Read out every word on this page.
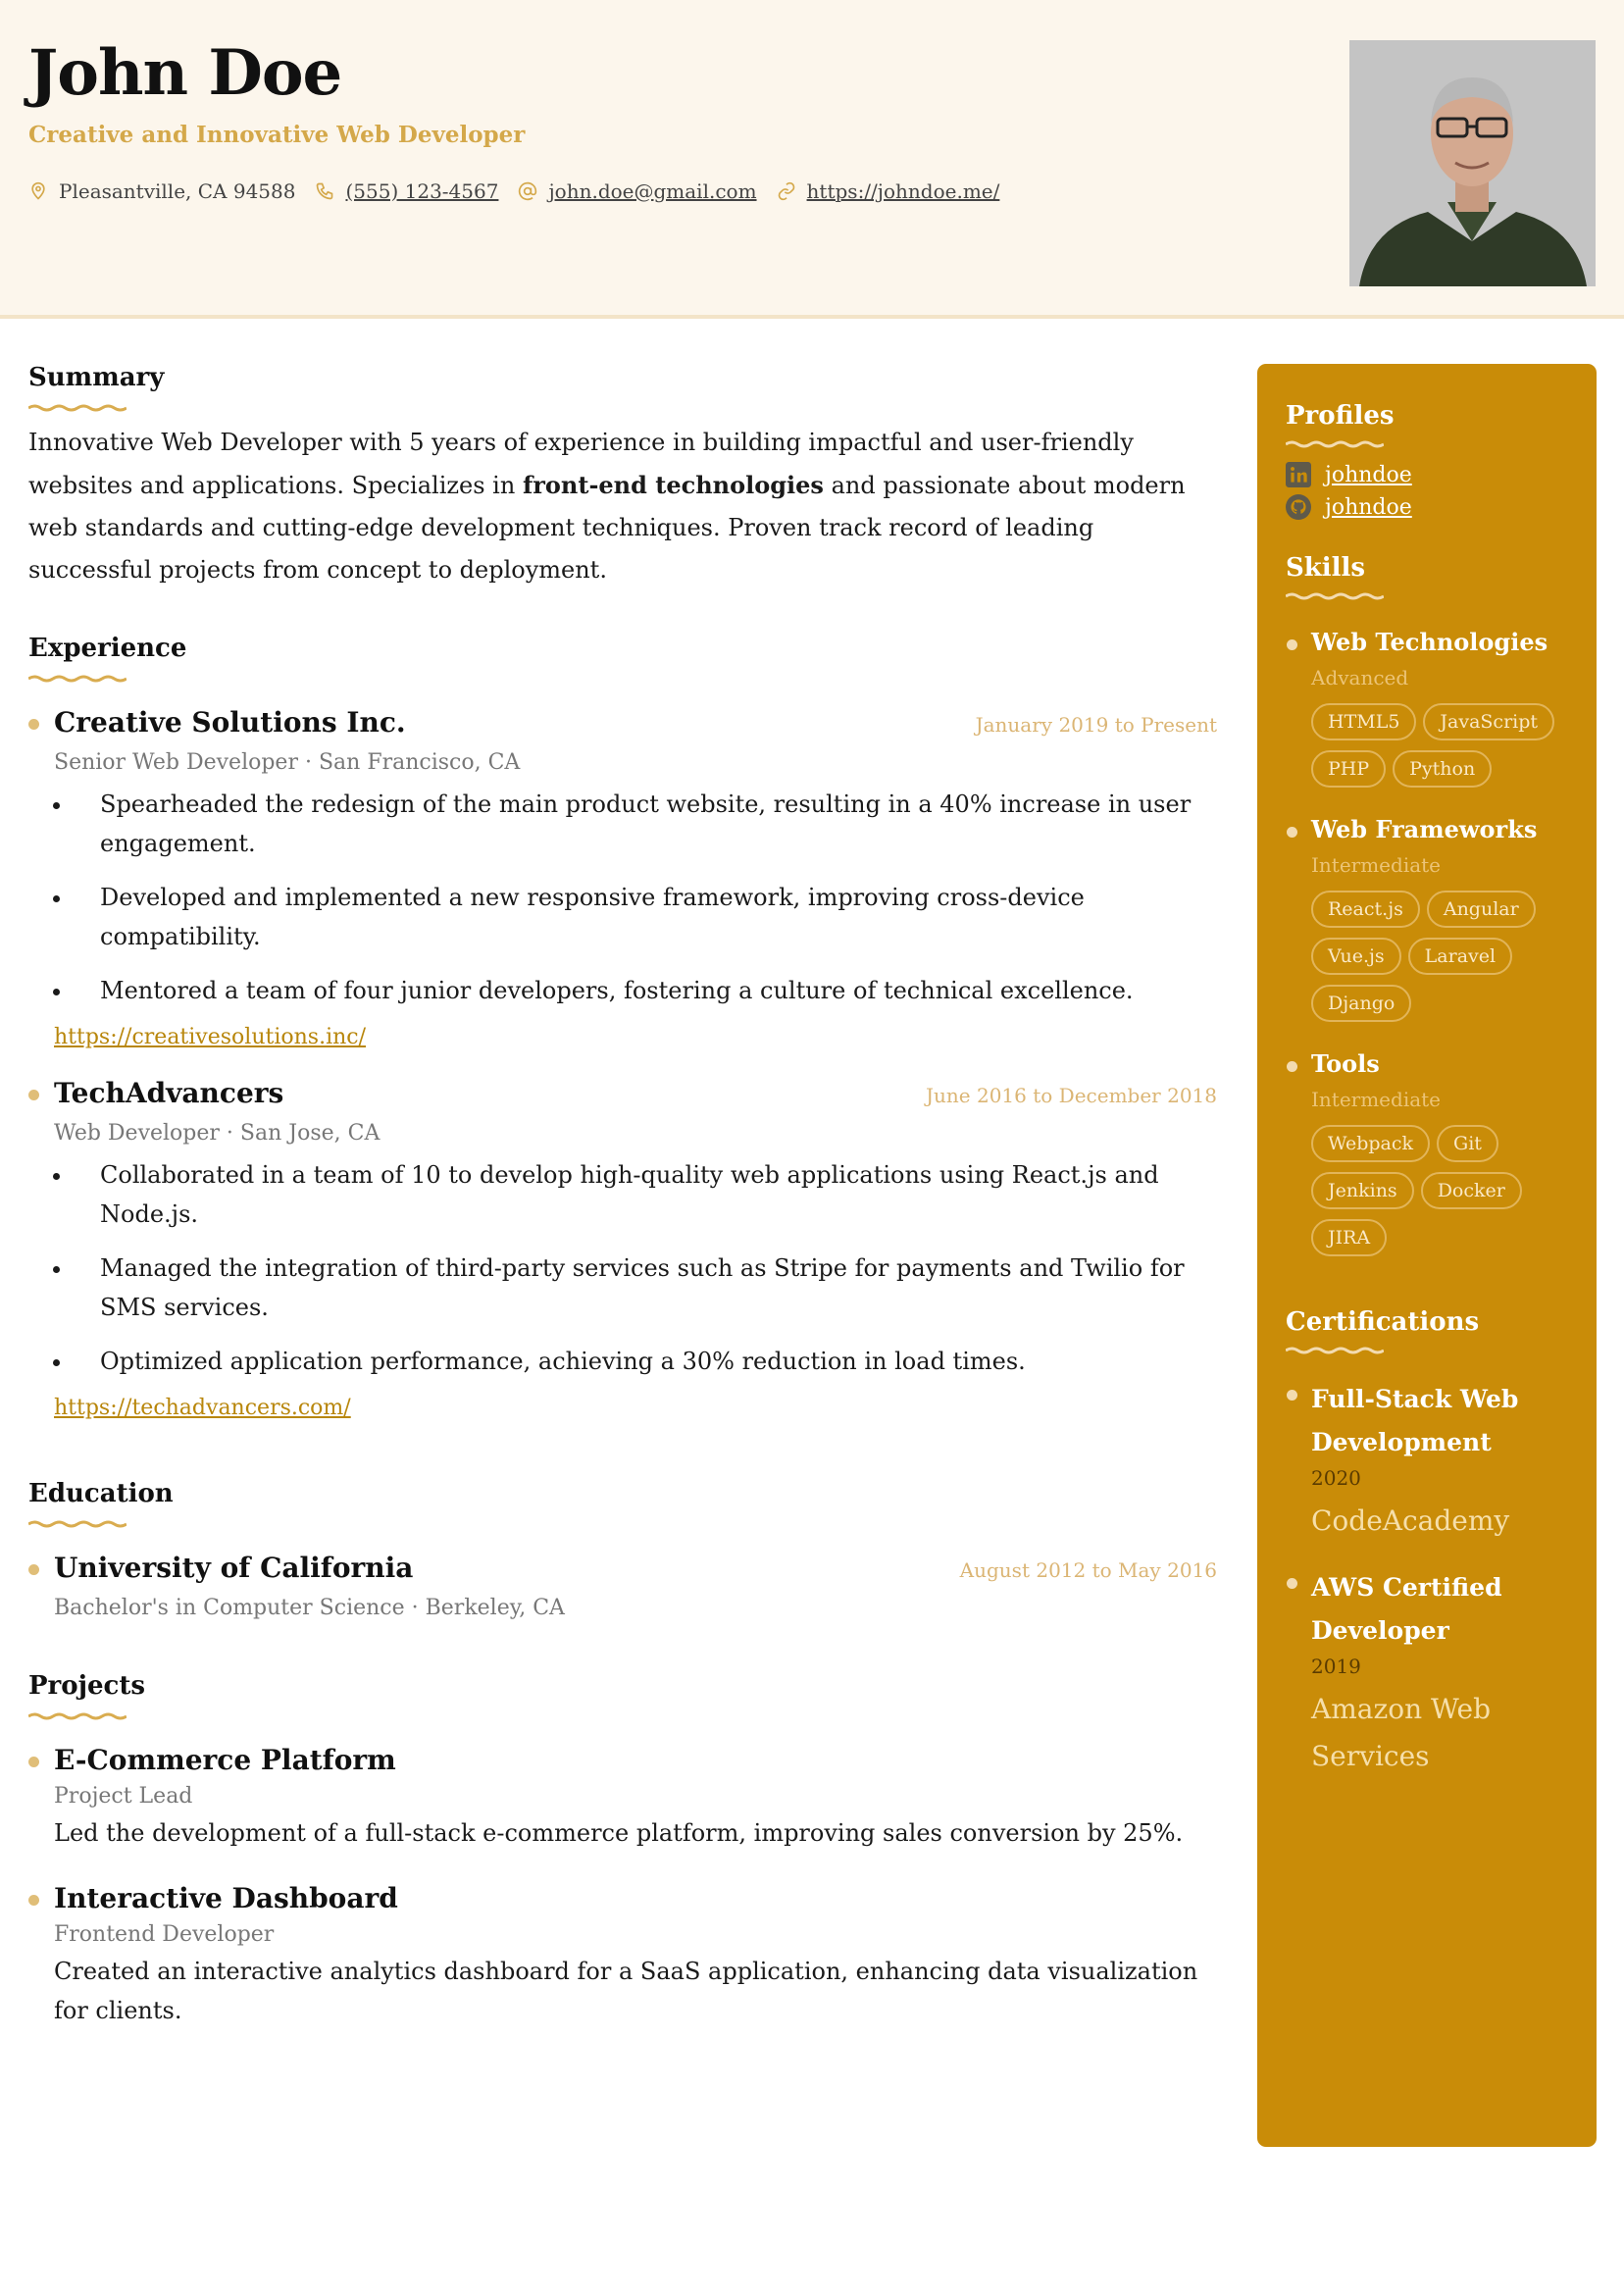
John Doe
Creative and Innovative Web Developer
Pleasantville, CA 94588	(555) 123-4567	john.doe@gmail.com	https://johndoe.me/
Summary

Innovative Web Developer with 5 years of experience in building impactful and user-friendly websites and applications. Specializes in front-end technologies and passionate about modern web standards and cutting-edge development techniques. Proven track record of leading successful projects from concept to deployment.

Experience
Creative Solutions Inc.	January 2019 to Present
Senior Web Developer · San Francisco, CA
• Spearheaded the redesign of the main product website, resulting in a 40% increase in user engagement.
• Developed and implemented a new responsive framework, improving cross-device compatibility.
• Mentored a team of four junior developers, fostering a culture of technical excellence.
https://creativesolutions.inc/
TechAdvancers	June 2016 to December 2018
Web Developer · San Jose, CA
• Collaborated in a team of 10 to develop high-quality web applications using React.js and Node.js.
• Managed the integration of third-party services such as Stripe for payments and Twilio for SMS services.
• Optimized application performance, achieving a 30% reduction in load times.
https://techadvancers.com/
Education
University of California	August 2012 to May 2016
Bachelor's in Computer Science · Berkeley, CA
Projects
E-Commerce Platform
Project Lead

Led the development of a full-stack e-commerce platform, improving sales conversion by 25%.

Interactive Dashboard
Frontend Developer

Created an interactive analytics dashboard for a SaaS application, enhancing data visualization for clients.

Profiles
johndoe
johndoe
Skills
Web Technologies
Advanced
HTML5	JavaScript
PHP	Python
Web Frameworks
Intermediate
React.js	Angular
Vue.js	Laravel
Django
Tools
Intermediate
Webpack	Git
Jenkins	Docker
JIRA
Certifications
Full-Stack Web Development
2020
CodeAcademy
AWS Certified Developer
2019
Amazon Web Services
